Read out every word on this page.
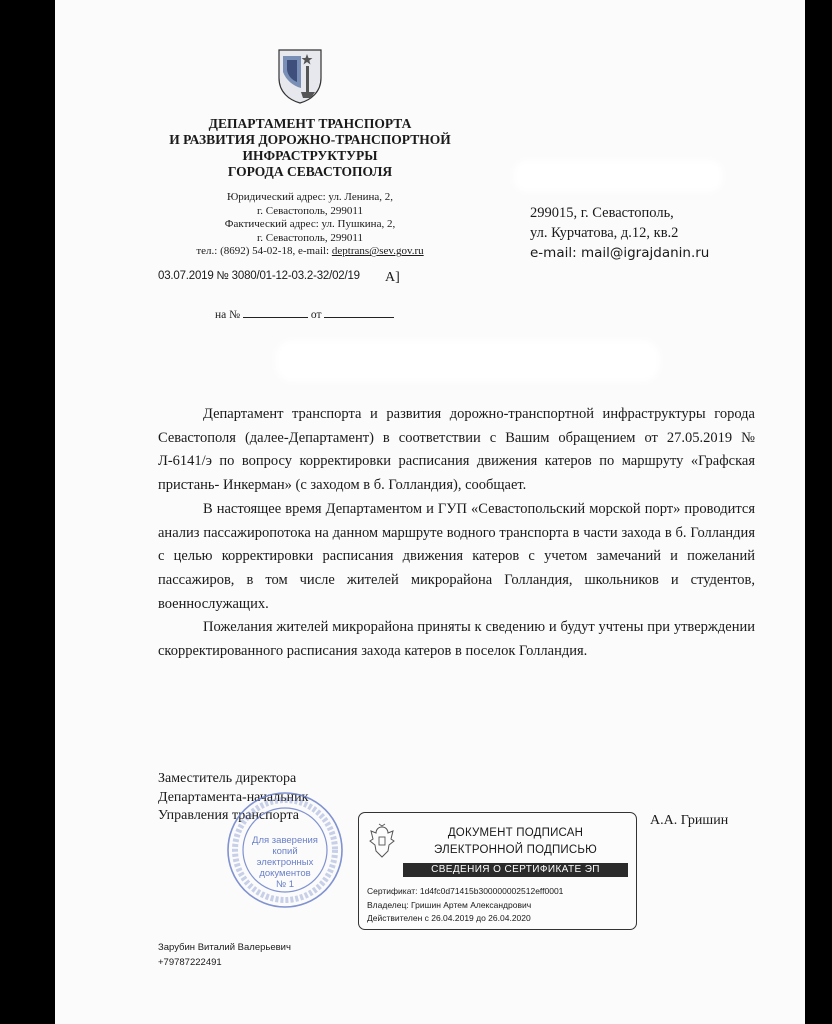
ДЕПАРТАМЕНТ ТРАНСПОРТА
И РАЗВИТИЯ ДОРОЖНО-ТРАНСПОРТНОЙ
ИНФРАСТРУКТУРЫ
ГОРОДА СЕВАСТОПОЛЯ
Юридический адрес: ул. Ленина, 2,
г. Севастополь, 299011
Фактический адрес: ул. Пушкина, 2,
г. Севастополь, 299011
тел.: (8692) 54-02-18, e-mail: deptrans@sev.gov.ru
03.07.2019 № 3080/01-12-03.2-32/02/19 A]
на №	от
299015, г. Севастополь,
ул. Курчатова, д.12, кв.2
e-mail: mail@igrajdanin.ru

Департамент транспорта и развития дорожно-транспортной инфраструктуры города Севастополя (далее-Департамент) в соответствии с Вашим обращением от 27.05.2019 № Л-6141/э по вопросу корректировки расписания движения катеров по маршруту «Графская пристань- Инкерман» (с заходом в б. Голландия), сообщает.

В настоящее время Департаментом и ГУП «Севастопольский морской порт» проводится анализ пассажиропотока на данном маршруте водного транспорта в части захода в б. Голландия с целью корректировки расписания движения катеров с учетом замечаний и пожеланий пассажиров, в том числе жителей микрорайона Голландия, школьников и студентов, военнослужащих.

Пожелания жителей микрорайона приняты к сведению и будут учтены при утверждении скорректированного расписания захода катеров в поселок Голландия.

Заместитель директора
Департамента-начальник
Управления транспорта	А.А. Гришин
Для заверения
копий электронных
документов
№ 1
ДОКУМЕНТ ПОДПИСАН
ЭЛЕКТРОННОЙ ПОДПИСЬЮ
СВЕДЕНИЯ О СЕРТИФИКАТЕ ЭП
Сертификат: 1d4fc0d71415b300000002512eff0001
Владелец: Гришин Артем Александрович
Действителен с 26.04.2019 до 26.04.2020
Зарубин Виталий Валерьевич
+79787222491
